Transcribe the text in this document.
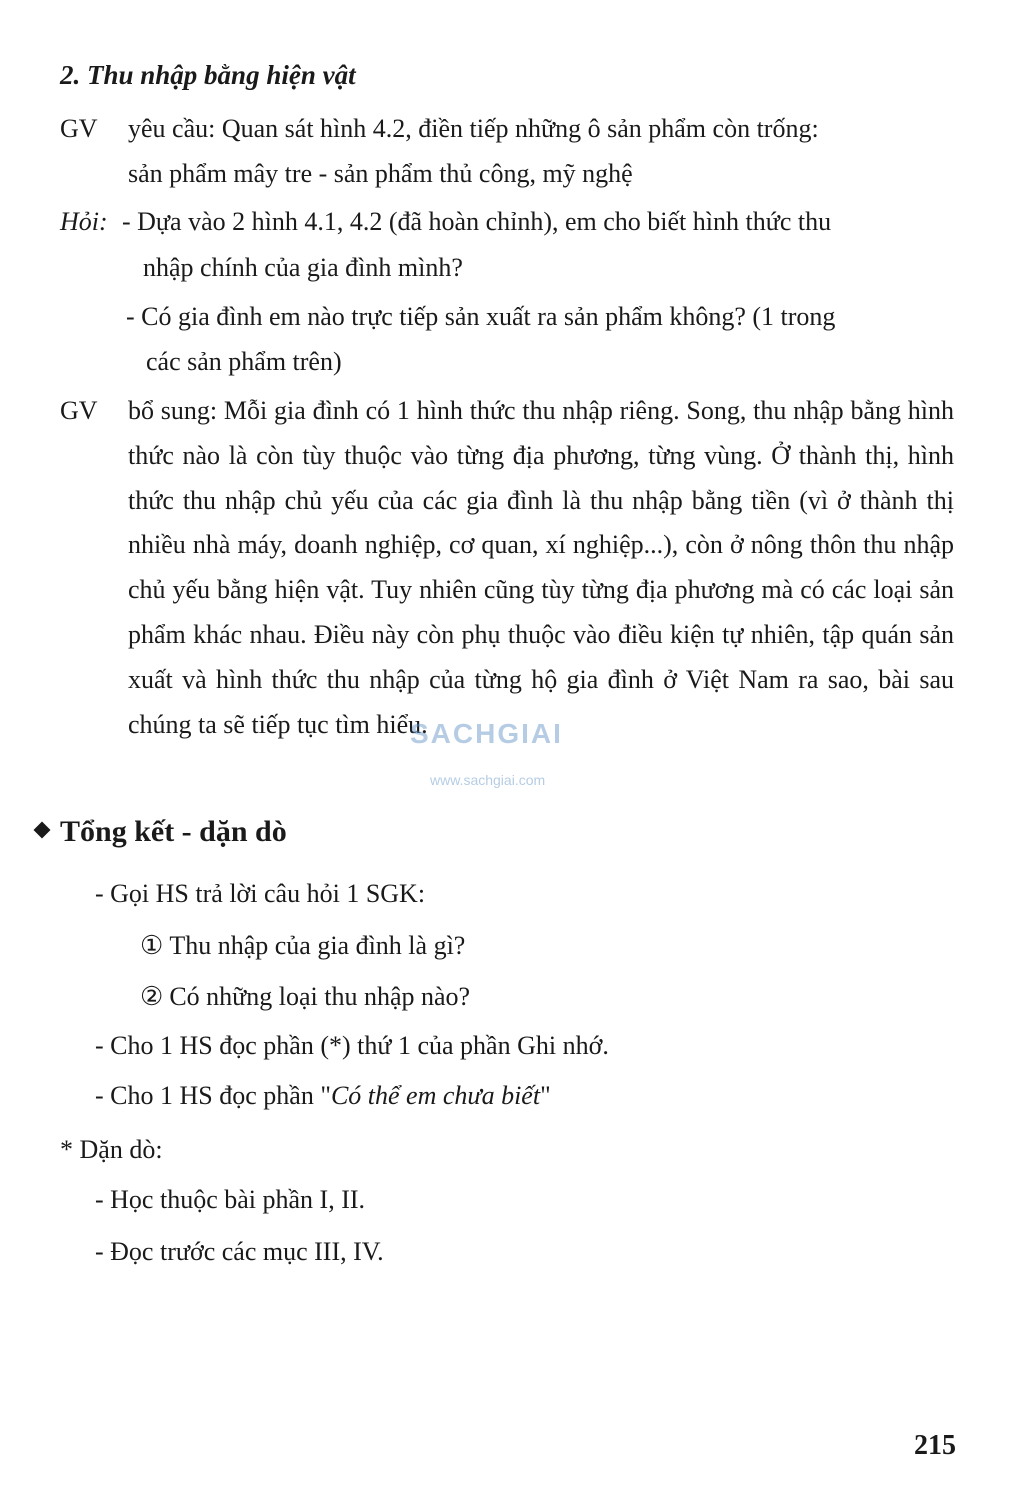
2. Thu nhập bằng hiện vật
GV yêu cầu: Quan sát hình 4.2, điền tiếp những ô sản phẩm còn trống:
sản phẩm mây tre - sản phẩm thủ công, mỹ nghệ
Hỏi: - Dựa vào 2 hình 4.1, 4.2 (đã hoàn chỉnh), em cho biết hình thức thu
nhập chính của gia đình mình?
- Có gia đình em nào trực tiếp sản xuất ra sản phẩm không? (1 trong
các sản phẩm trên)
GV bổ sung: Mỗi gia đình có 1 hình thức thu nhập riêng. Song, thu nhập bằng hình thức nào là còn tùy thuộc vào từng địa phương, từng vùng. Ở thành thị, hình thức thu nhập chủ yếu của các gia đình là thu nhập bằng tiền (vì ở thành thị nhiều nhà máy, doanh nghiệp, cơ quan, xí nghiệp...), còn ở nông thôn thu nhập chủ yếu bằng hiện vật. Tuy nhiên cũng tùy từng địa phương mà có các loại sản phẩm khác nhau. Điều này còn phụ thuộc vào điều kiện tự nhiên, tập quán sản xuất và hình thức thu nhập của từng hộ gia đình ở Việt Nam ra sao, bài sau chúng ta sẽ tiếp tục tìm hiểu.
SACHGIAI
www.sachgiai.com
Tổng kết - dặn dò
- Gọi HS trả lời câu hỏi 1 SGK:
① Thu nhập của gia đình là gì?
② Có những loại thu nhập nào?
- Cho 1 HS đọc phần (*) thứ 1 của phần Ghi nhớ.
- Cho 1 HS đọc phần "Có thể em chưa biết"
* Dặn dò:
- Học thuộc bài phần I, II.
- Đọc trước các mục III, IV.
215
